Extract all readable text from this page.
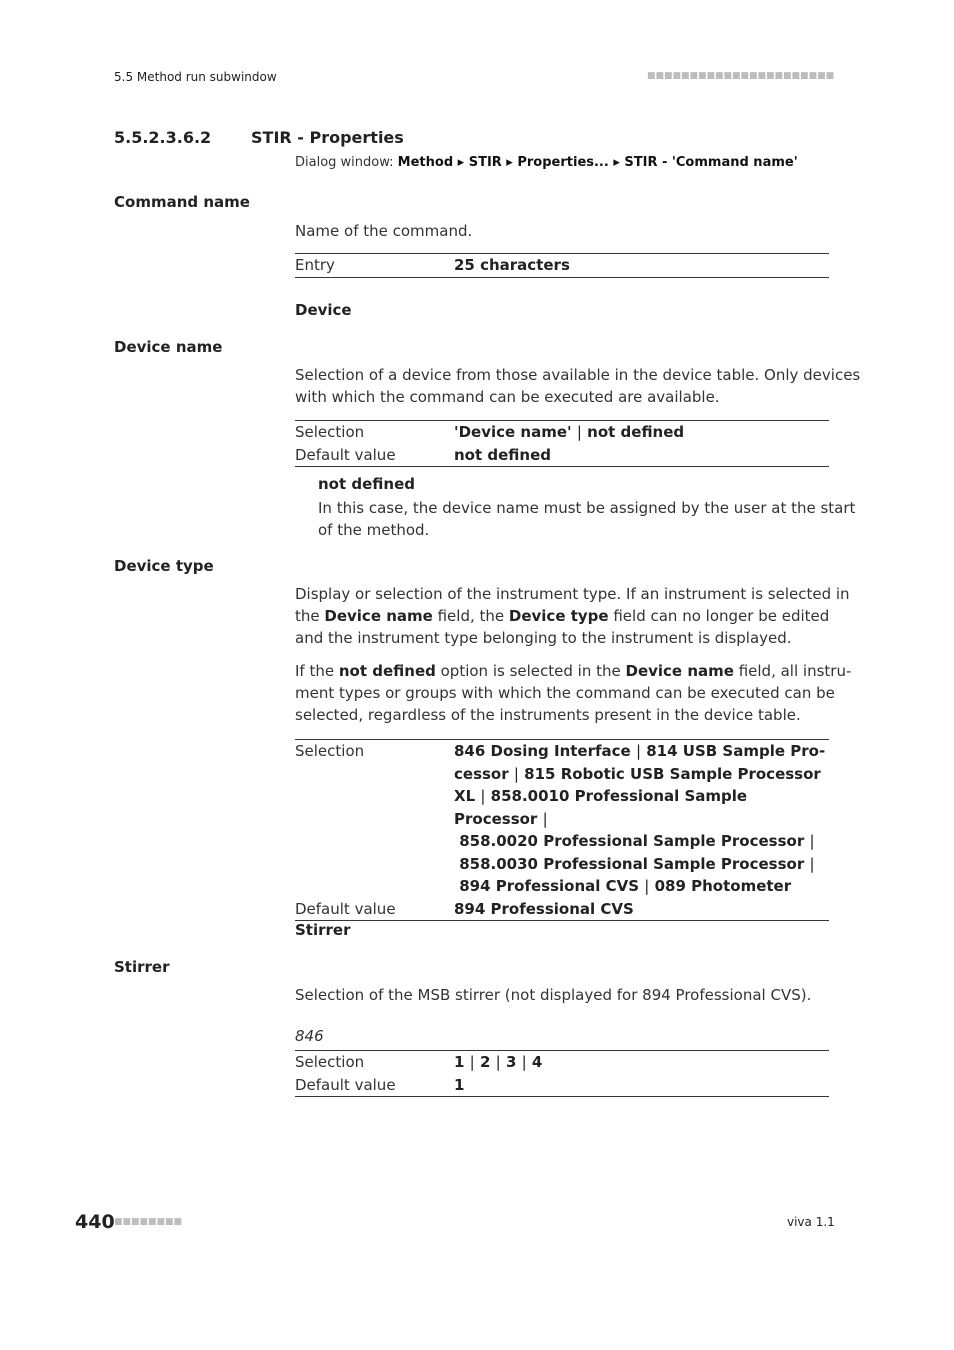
5.5 Method run subwindow	■■■■■■■■■■■■■■■■■■■■■■
5.5.2.3.6.2 STIR - Properties
Dialog window: Method ▸ STIR ▸ Properties... ▸ STIR - 'Command name'
Command name
Name of the command.
Entry	25 characters
Device
Device name
Selection of a device from those available in the device table. Only devices
with which the command can be executed are available.
Selection	'Device name' | not defined
Default value	not defined
not defined
In this case, the device name must be assigned by the user at the start
of the method.
Device type
Display or selection of the instrument type. If an instrument is selected in
the Device name field, the Device type field can no longer be edited
and the instrument type belonging to the instrument is displayed.
If the not defined option is selected in the Device name field, all instru-
ment types or groups with which the command can be executed can be
selected, regardless of the instruments present in the device table.
Selection	846 Dosing Interface | 814 USB Sample Pro-
cessor | 815 Robotic USB Sample Processor
XL | 858.0010 Professional Sample Processor |
858.0020 Professional Sample Processor |
858.0030 Professional Sample Processor |
894 Professional CVS | 089 Photometer
Default value	894 Professional CVS
Stirrer
Stirrer
Selection of the MSB stirrer (not displayed for 894 Professional CVS).
846
Selection	1 | 2 | 3 | 4
Default value	1
440 ■■■■■■■■	viva 1.1
